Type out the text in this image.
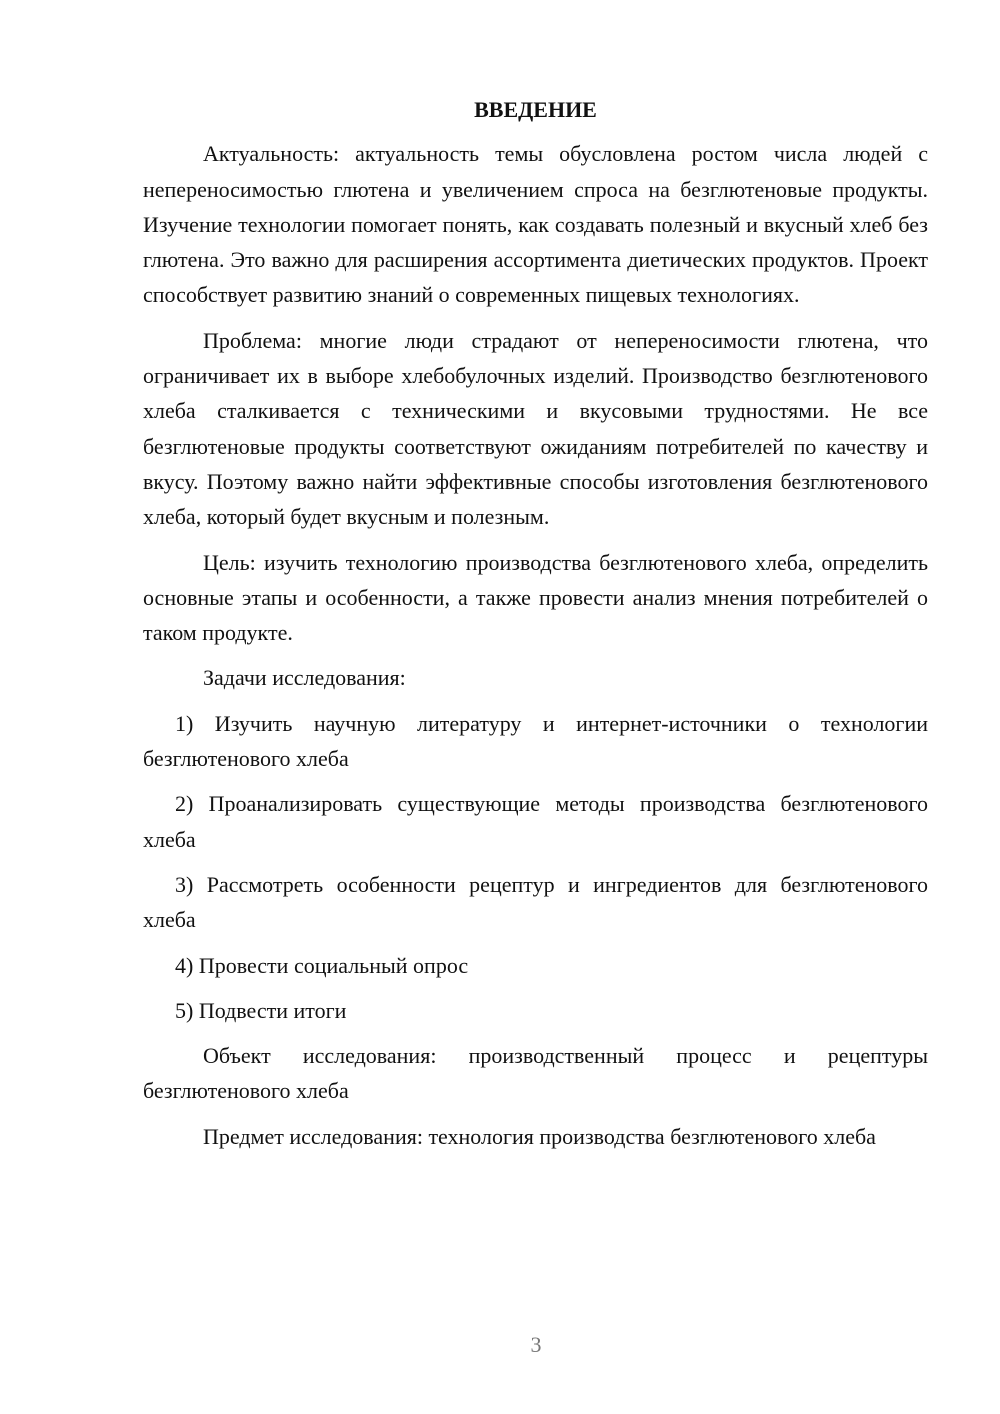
ВВЕДЕНИЕ

Актуальность: актуальность темы обусловлена ростом числа людей с непереносимостью глютена и увеличением спроса на безглютеновые продукты. Изучение технологии помогает понять, как создавать полезный и вкусный хлеб без глютена. Это важно для расширения ассортимента диетических продуктов. Проект способствует развитию знаний о современных пищевых технологиях.

Проблема: многие люди страдают от непереносимости глютена, что ограничивает их в выборе хлебобулочных изделий. Производство безглютенового хлеба сталкивается с техническими и вкусовыми трудностями. Не все безглютеновые продукты соответствуют ожиданиям потребителей по качеству и вкусу. Поэтому важно найти эффективные способы изготовления безглютенового хлеба, который будет вкусным и полезным.

Цель: изучить технологию производства безглютенового хлеба, определить основные этапы и особенности, а также провести анализ мнения потребителей о таком продукте.

Задачи исследования:

1) Изучить научную литературу и интернет-источники о технологии безглютенового хлеба

2) Проанализировать существующие методы производства безглютенового хлеба

3) Рассмотреть особенности рецептур и ингредиентов для безглютенового хлеба

4) Провести социальный опрос

5) Подвести итоги

Объект исследования: производственный процесс и рецептуры безглютенового хлеба

Предмет исследования: технология производства безглютенового хлеба

3
